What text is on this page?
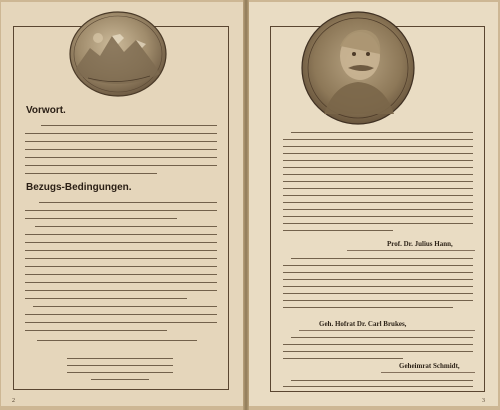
Vorwort.
Bezugs-Bedingungen.
2
Prof. Dr. Julius Hann,
Geh. Hofrat Dr. Carl Brukes,
Geheimrat Schmidt,
3
